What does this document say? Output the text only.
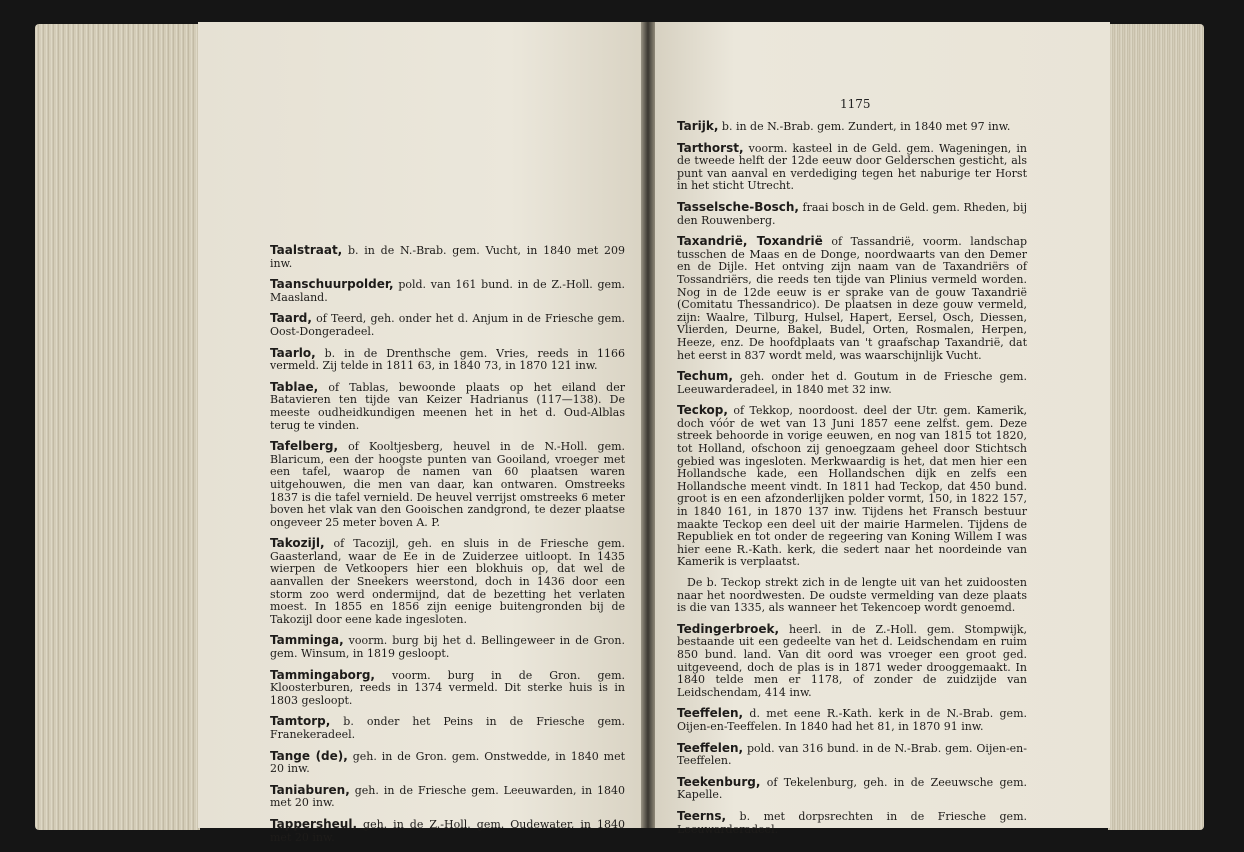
1175

Taalstraat, b. in de N.-Brab. gem. Vucht, in 1840 met 209 inw.

Taanschuurpolder, pold. van 161 bund. in de Z.-Holl. gem. Maasland.

Taard, of Teerd, geh. onder het d. Anjum in de Friesche gem. Oost-Dongeradeel.

Taarlo, b. in de Drenthsche gem. Vries, reeds in 1166 vermeld. Zij telde in 1811 63, in 1840 73, in 1870 121 inw.

Tablae, of Tablas, bewoonde plaats op het eiland der Batavieren ten tijde van Keizer Hadrianus (117—138). De meeste oudheidkundigen meenen het in het d. Oud-Alblas terug te vinden.

Tafelberg, of Kooltjesberg, heuvel in de N.-Holl. gem. Blaricum, een der hoogste punten van Gooiland, vroeger met een tafel, waarop de namen van 60 plaatsen waren uitgehouwen, die men van daar, kan ontwaren. Omstreeks 1837 is die tafel vernield. De heuvel verrijst omstreeks 6 meter boven het vlak van den Gooischen zandgrond, te dezer plaatse ongeveer 25 meter boven A. P.

Takozijl, of Tacozijl, geh. en sluis in de Friesche gem. Gaasterland, waar de Ee in de Zuiderzee uitloopt. In 1435 wierpen de Vetkoopers hier een blokhuis op, dat wel de aanvallen der Sneekers weerstond, doch in 1436 door een storm zoo werd ondermijnd, dat de bezetting het verlaten moest. In 1855 en 1856 zijn eenige buitengronden bij de Takozijl door eene kade ingesloten.

Tamminga, voorm. burg bij het d. Bellingeweer in de Gron. gem. Winsum, in 1819 gesloopt.

Tammingaborg, voorm. burg in de Gron. gem. Kloosterburen, reeds in 1374 vermeld. Dit sterke huis is in 1803 gesloopt.

Tamtorp, b. onder het Peins in de Friesche gem. Franekeradeel.

Tange (de), geh. in de Gron. gem. Onstwedde, in 1840 met 20 inw.

Taniaburen, geh. in de Friesche gem. Leeuwarden, in 1840 met 20 inw.

Tappersheul, geh. in de Z.-Holl. gem. Oudewater, in 1840 met 20 inw.

Tarijk, b. in de N.-Brab. gem. Zundert, in 1840 met 97 inw.

Tarthorst, voorm. kasteel in de Geld. gem. Wageningen, in de tweede helft der 12de eeuw door Gelderschen gesticht, als punt van aanval en verdediging tegen het naburige ter Horst in het sticht Utrecht.

Tasselsche-Bosch, fraai bosch in de Geld. gem. Rheden, bij den Rouwenberg.

Taxandrië, Toxandrië of Tassandrië, voorm. landschap tusschen de Maas en de Donge, noordwaarts van den Demer en de Dijle. Het ontving zijn naam van de Taxandriërs of Tossandriërs, die reeds ten tijde van Plinius vermeld worden. Nog in de 12de eeuw is er sprake van de gouw Taxandrië (Comitatu Thessandrico). De plaatsen in deze gouw vermeld, zijn: Waalre, Tilburg, Hulsel, Hapert, Eersel, Osch, Diessen, Vlierden, Deurne, Bakel, Budel, Orten, Rosmalen, Herpen, Heeze, enz. De hoofdplaats van 't graafschap Taxandrië, dat het eerst in 837 wordt meld, was waarschijnlijk Vucht.

Techum, geh. onder het d. Goutum in de Friesche gem. Leeuwarderadeel, in 1840 met 32 inw.

Teckop, of Tekkop, noordoost. deel der Utr. gem. Kamerik, doch vóór de wet van 13 Juni 1857 eene zelfst. gem. Deze streek behoorde in vorige eeuwen, en nog van 1815 tot 1820, tot Holland, ofschoon zij genoegzaam geheel door Stichtsch gebied was ingesloten. Merkwaardig is het, dat men hier een Hollandsche kade, een Hollandschen dijk en zelfs een Hollandsche meent vindt. In 1811 had Teckop, dat 450 bund. groot is en een afzonderlijken polder vormt, 150, in 1822 157, in 1840 161, in 1870 137 inw. Tijdens het Fransch bestuur maakte Teckop een deel uit der mairie Harmelen. Tijdens de Republiek en tot onder de regeering van Koning Willem I was hier eene R.-Kath. kerk, die sedert naar het noordeinde van Kamerik is verplaatst.

De b. Teckop strekt zich in de lengte uit van het zuidoosten naar het noordwesten. De oudste vermelding van deze plaats is die van 1335, als wanneer het Tekencoep wordt genoemd.

Tedingerbroek, heerl. in de Z.-Holl. gem. Stompwijk, bestaande uit een gedeelte van het d. Leidschendam en ruim 850 bund. land. Van dit oord was vroeger een groot ged. uitgeveend, doch de plas is in 1871 weder drooggemaakt. In 1840 telde men er 1178, of zonder de zuidzijde van Leidschendam, 414 inw.

Teeffelen, d. met eene R.-Kath. kerk in de N.-Brab. gem. Oijen-en-Teeffelen. In 1840 had het 81, in 1870 91 inw.

Teeffelen, pold. van 316 bund. in de N.-Brab. gem. Oijen-en-Teeffelen.

Teekenburg, of Tekelenburg, geh. in de Zeeuwsche gem. Kapelle.

Teerns, b. met dorpsrechten in de Friesche gem. Leeuwarderadeel.
